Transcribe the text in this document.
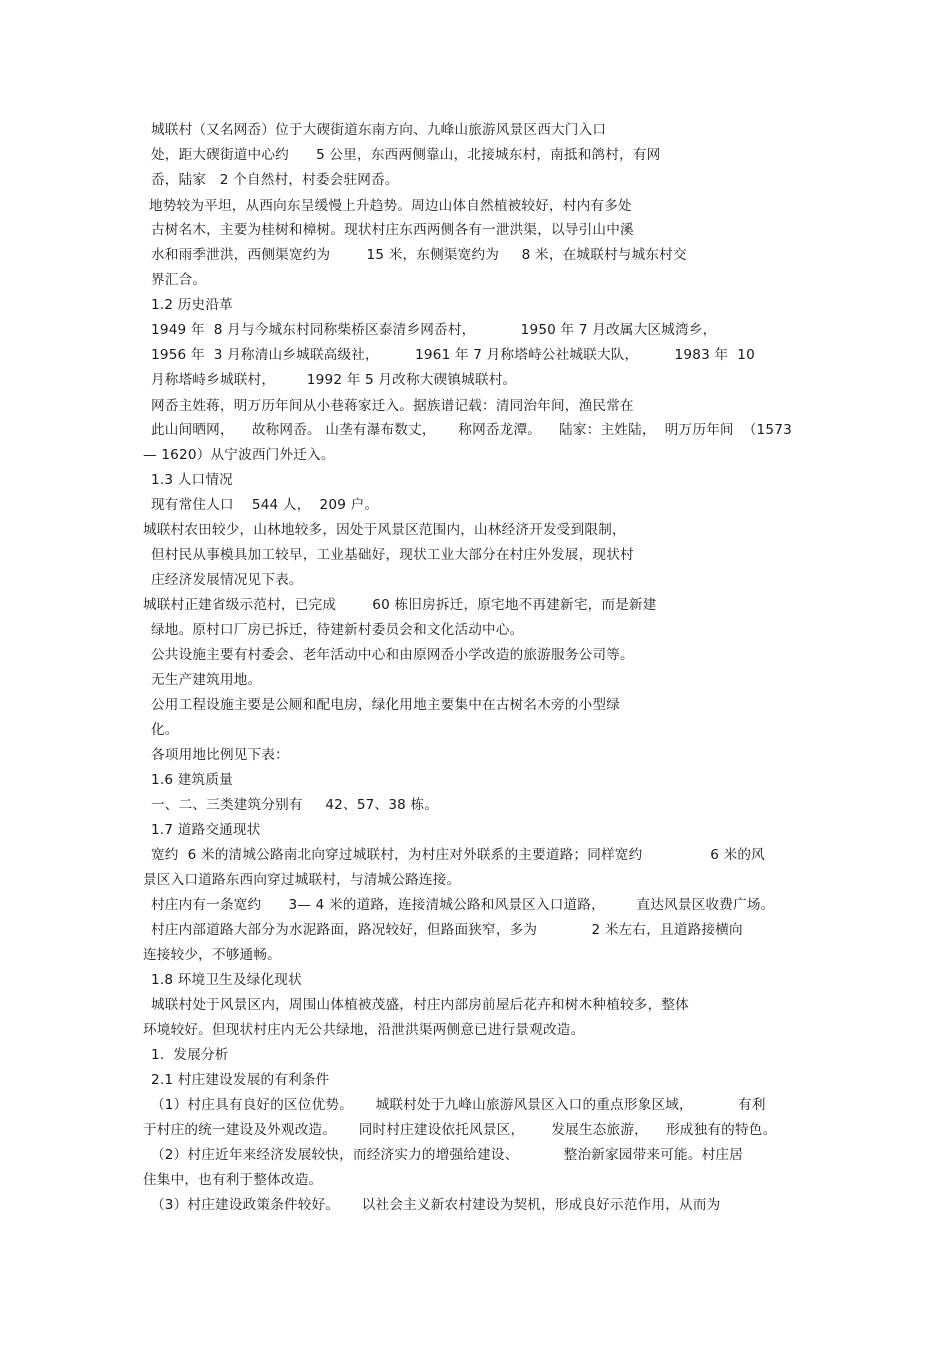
城联村（又名网岙）位于大碶街道东南方向、九峰山旅游风景区西大门入口
处，距大碶街道中心约      5 公里，东西两侧靠山，北接城东村，南抵和鸽村，有网
岙，陆家   2 个自然村，村委会驻网岙。
地势较为平坦，从西向东呈缓慢上升趋势。周边山体自然植被较好，村内有多处
古树名木，主要为桂树和樟树。现状村庄东西两侧各有一泄洪渠，以导引山中溪
水和雨季泄洪，西侧渠宽约为        15 米，东侧渠宽约为     8 米，在城联村与城东村交
界汇合。
1.2 历史沿革
1949 年  8 月与今城东村同称柴桥区泰清乡网岙村，          1950 年 7 月改属大区城湾乡，
1956 年  3 月称清山乡城联高级社，        1961 年 7 月称塔峙公社城联大队，        1983 年  10
月称塔峙乡城联村，       1992 年 5 月改称大碶镇城联村。
网岙主姓蒋，明万历年间从小巷蒋家迁入。据族谱记载：清同治年间，渔民常在
此山间晒网，    故称网岙。 山垄有瀑布数丈，     称网岙龙潭。    陆家：主姓陆，  明万历年间  （1573
— 1620）从宁波西门外迁入。
1.3 人口情况
现有常住人口    544 人，  209 户。
城联村农田较少，山林地较多，因处于风景区范围内，山林经济开发受到限制，
但村民从事模具加工较早，工业基础好，现状工业大部分在村庄外发展，现状村
庄经济发展情况见下表。
城联村正建省级示范村，已完成        60 栋旧房拆迁，原宅地不再建新宅，而是新建
绿地。原村口厂房已拆迁，待建新村委员会和文化活动中心。
公共设施主要有村委会、老年活动中心和由原网岙小学改造的旅游服务公司等。
无生产建筑用地。
公用工程设施主要是公厕和配电房，绿化用地主要集中在古树名木旁的小型绿
化。
各项用地比例见下表：
1.6 建筑质量
一、二、三类建筑分别有     42、57、38 栋。
1.7 道路交通现状
宽约  6 米的清城公路南北向穿过城联村，为村庄对外联系的主要道路；同样宽约               6 米的风
景区入口道路东西向穿过城联村，与清城公路连接。
村庄内有一条宽约      3— 4 米的道路，连接清城公路和风景区入口道路，       直达风景区收费广场。
村庄内部道路大部分为水泥路面，路况较好，但路面狭窄，多为            2 米左右，且道路接横向
连接较少，不够通畅。
1.8 环境卫生及绿化现状
城联村处于风景区内，周围山体植被茂盛，村庄内部房前屋后花卉和树木种植较多，整体
环境较好。但现状村庄内无公共绿地，沿泄洪渠两侧意已进行景观改造。
1.  发展分析
2.1 村庄建设发展的有利条件
（1）村庄具有良好的区位优势。     城联村处于九峰山旅游风景区入口的重点形象区域，          有利
于村庄的统一建设及外观改造。     同时村庄建设依托风景区，      发展生态旅游，    形成独有的特色。
（2）村庄近年来经济发展较快，而经济实力的增强给建设、          整治新家园带来可能。村庄居
住集中，也有利于整体改造。
（3）村庄建设政策条件较好。     以社会主义新农村建设为契机，形成良好示范作用，从而为
